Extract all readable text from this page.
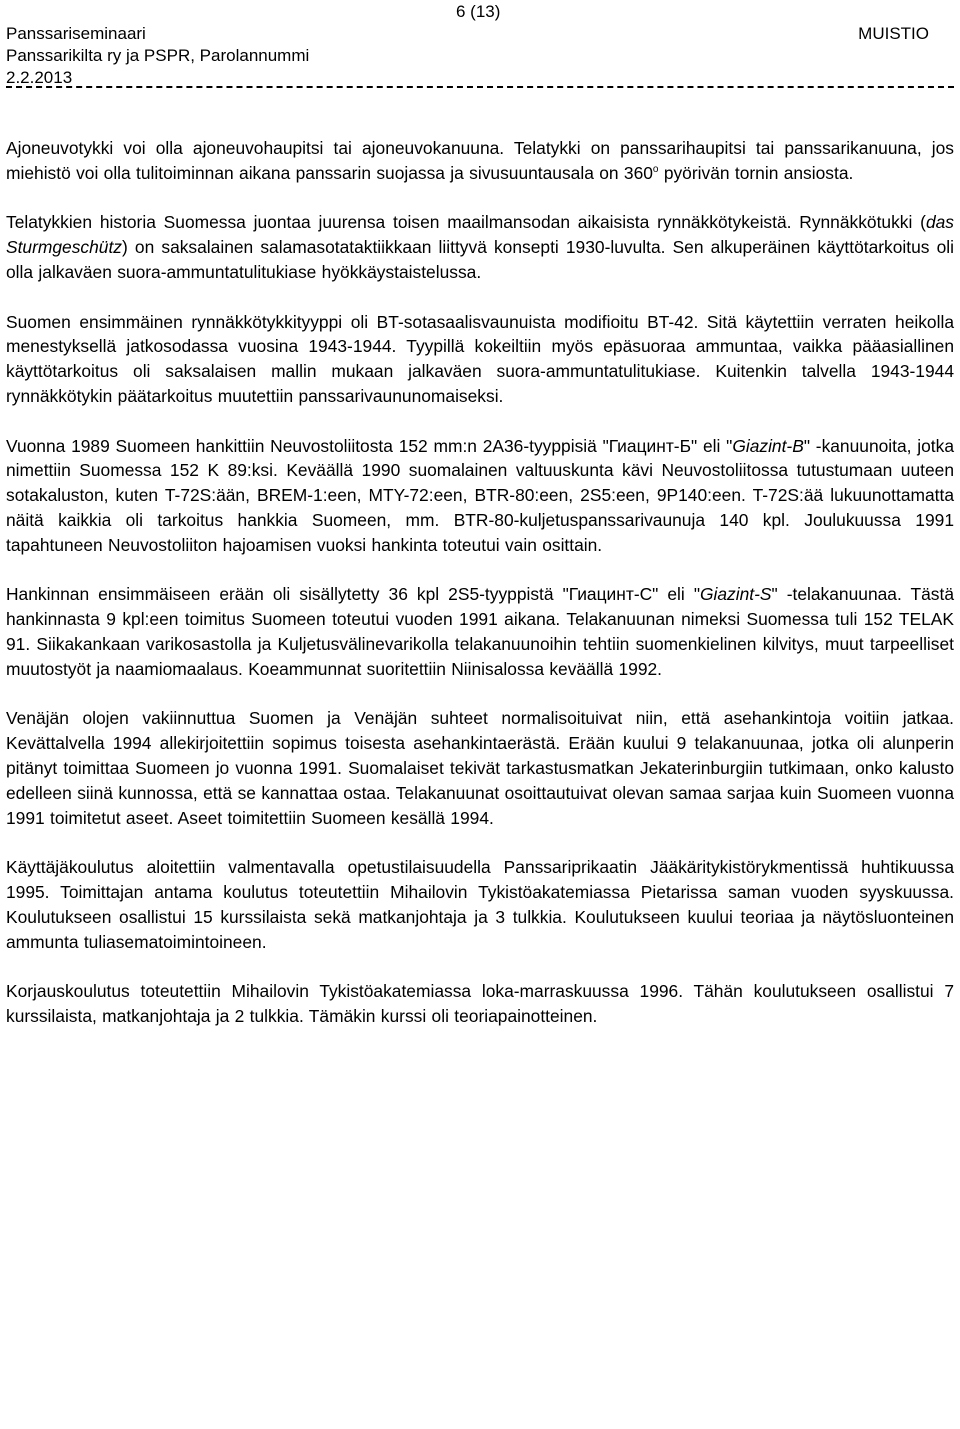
6 (13)
Panssariseminaari
Panssarikilta ry ja PSPR, Parolannummi
2.2.2013
MUISTIO

Ajoneuvotykki voi olla ajoneuvohaupitsi tai ajoneuvokanuuna. Telatykki on panssarihaupitsi tai panssarikanuuna, jos miehistö voi olla tulitoiminnan aikana panssarin suojassa ja sivusuuntausala on 360$^o$ pyörivän tornin ansiosta.

Telatykkien historia Suomessa juontaa juurensa toisen maailmansodan aikaisista rynnäkkötykeistä. Rynnäkkötukki (das Sturmgeschütz) on saksalainen salamasotataktiikkaan liittyvä konsepti 1930-luvulta. Sen alkuperäinen käyttötarkoitus oli olla jalkaväen suora-ammuntatulitukiase hyökkäystaistelussa.

Suomen ensimmäinen rynnäkkötykkityyppi oli BT-sotasaalisvaunuista modifioitu BT-42. Sitä käytettiin verraten heikolla menestyksellä jatkosodassa vuosina 1943-1944. Tyypillä kokeiltiin myös epäsuoraa ammuntaa, vaikka pääasiallinen käyttötarkoitus oli saksalaisen mallin mukaan jalkaväen suora-ammuntatulitukiase. Kuitenkin talvella 1943-1944 rynnäkkötykin päätarkoitus muutettiin panssarivaununomaiseksi.

Vuonna 1989 Suomeen hankittiin Neuvostoliitosta 152 mm:n 2A36-tyyppisiä "Гиацинт-Б" eli "Giazint-B" -kanuunoita, jotka nimettiin Suomessa 152 K 89:ksi. Keväällä 1990 suomalainen valtuuskunta kävi Neuvostoliitossa tutustumaan uuteen sotakaluston, kuten T-72S:ään, BREM-1:een, MTY-72:een, BTR-80:een, 2S5:een, 9P140:een. T-72S:ää lukuunottamatta näitä kaikkia oli tarkoitus hankkia Suomeen, mm. BTR-80-kuljetuspanssarivaunuja 140 kpl. Joulukuussa 1991 tapahtuneen Neuvostoliiton hajoamisen vuoksi hankinta toteutui vain osittain.

Hankinnan ensimmäiseen erään oli sisällytetty 36 kpl 2S5-tyyppistä "Гиацинт-С" eli "Giazint-S" -telakanuunaa. Tästä hankinnasta 9 kpl:een toimitus Suomeen toteutui vuoden 1991 aikana. Telakanuunan nimeksi Suomessa tuli 152 TELAK 91. Siikakankaan varikosastolla ja Kuljetusvälinevarikolla telakanuunoihin tehtiin suomenkielinen kilvitys, muut tarpeelliset muutostyöt ja naamiomaalaus. Koeammunnat suoritettiin Niinisalossa keväällä 1992.

Venäjän olojen vakiinnuttua Suomen ja Venäjän suhteet normalisoituivat niin, että asehankintoja voitiin jatkaa. Kevättalvella 1994 allekirjoitettiin sopimus toisesta asehankintaerästä. Erään kuului 9 telakanuunaa, jotka oli alunperin pitänyt toimittaa Suomeen jo vuonna 1991. Suomalaiset tekivät tarkastusmatkan Jekaterinburgiin tutkimaan, onko kalusto edelleen siinä kunnossa, että se kannattaa ostaa. Telakanuunat osoittautuivat olevan samaa sarjaa kuin Suomeen vuonna 1991 toimitetut aseet. Aseet toimitettiin Suomeen kesällä 1994.

Käyttäjäkoulutus aloitettiin valmentavalla opetustilaisuudella Panssariprikaatin Jääkäritykistörykmentissä huhtikuussa 1995. Toimittajan antama koulutus toteutettiin Mihailovin Tykistöakatemiassa Pietarissa saman vuoden syyskuussa. Koulutukseen osallistui 15 kurssilaista sekä matkanjohtaja ja 3 tulkkia. Koulutukseen kuului teoriaa ja näytösluonteinen ammunta tuliasematoimintoineen.

Korjauskoulutus toteutettiin Mihailovin Tykistöakatemiassa loka-marraskuussa 1996. Tähän koulutukseen osallistui 7 kurssilaista, matkanjohtaja ja 2 tulkkia. Tämäkin kurssi oli teoriapainotteinen.
